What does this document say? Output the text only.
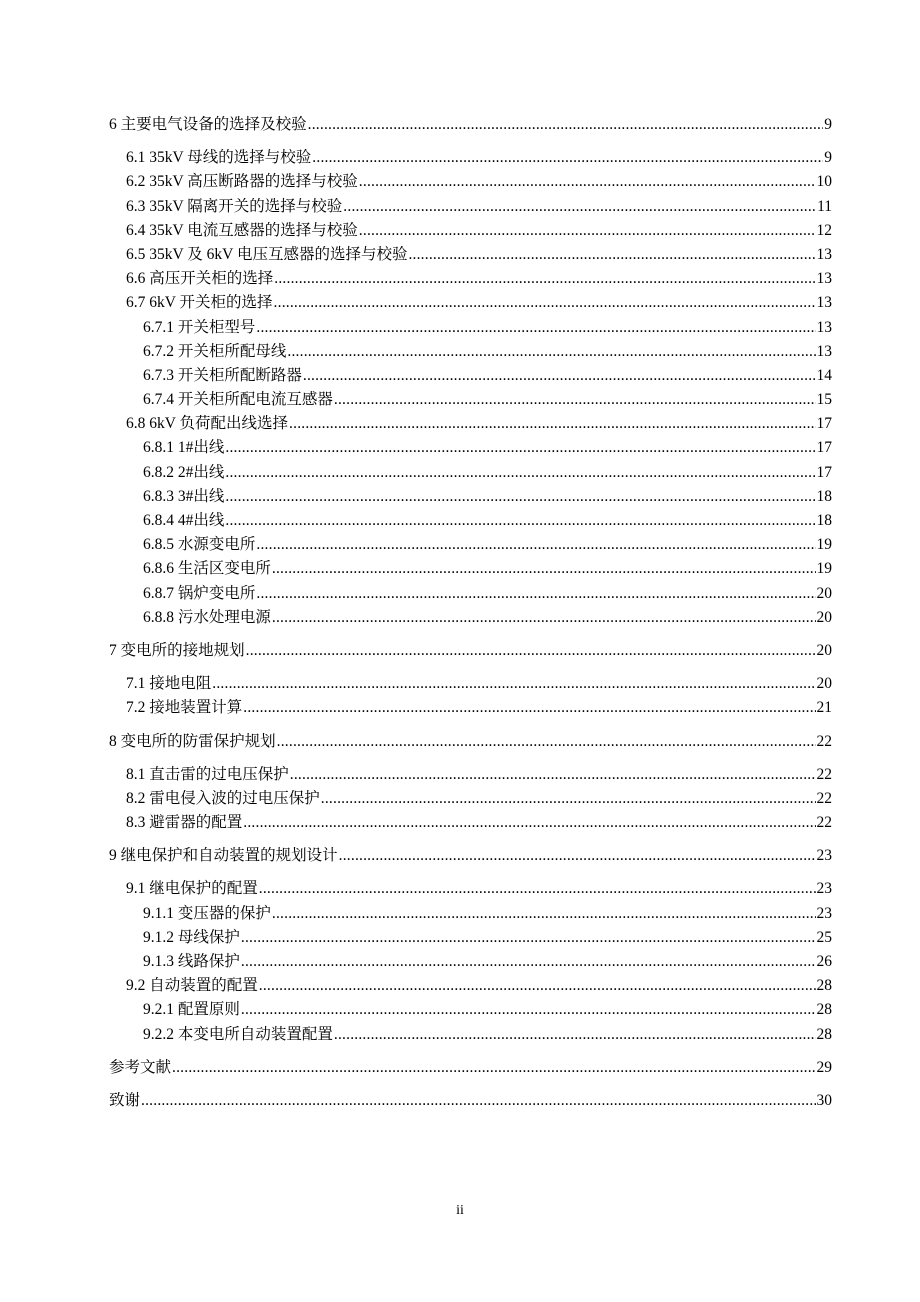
6 主要电气设备的选择及校验 .....	9
6.1 35kV 母线的选择与校验 .....	9
6.2 35kV 高压断路器的选择与校验 .....	10
6.3 35kV 隔离开关的选择与校验 .....	11
6.4 35kV 电流互感器的选择与校验 .....	12
6.5 35kV 及 6kV 电压互感器的选择与校验 .....	13
6.6 高压开关柜的选择 .....	13
6.7 6kV 开关柜的选择 .....	13
6.7.1 开关柜型号 .....	13
6.7.2 开关柜所配母线 .....	13
6.7.3 开关柜所配断路器 .....	14
6.7.4 开关柜所配电流互感器 .....	15
6.8 6kV 负荷配出线选择 .....	17
6.8.1 1#出线 .....	17
6.8.2 2#出线 .....	17
6.8.3 3#出线 .....	18
6.8.4 4#出线 .....	18
6.8.5 水源变电所 .....	19
6.8.6 生活区变电所 .....	19
6.8.7 锅炉变电所 .....	20
6.8.8 污水处理电源 .....	20
7 变电所的接地规划 .....	20
7.1 接地电阻 .....	20
7.2 接地装置计算 .....	21
8 变电所的防雷保护规划 .....	22
8.1 直击雷的过电压保护 .....	22
8.2 雷电侵入波的过电压保护 .....	22
8.3 避雷器的配置 .....	22
9 继电保护和自动装置的规划设计 .....	23
9.1 继电保护的配置 .....	23
9.1.1 变压器的保护 .....	23
9.1.2 母线保护 .....	25
9.1.3 线路保护 .....	26
9.2 自动装置的配置 .....	28
9.2.1 配置原则 .....	28
9.2.2 本变电所自动装置配置 .....	28
参考文献 .....	29
致谢 .....	30
ii
